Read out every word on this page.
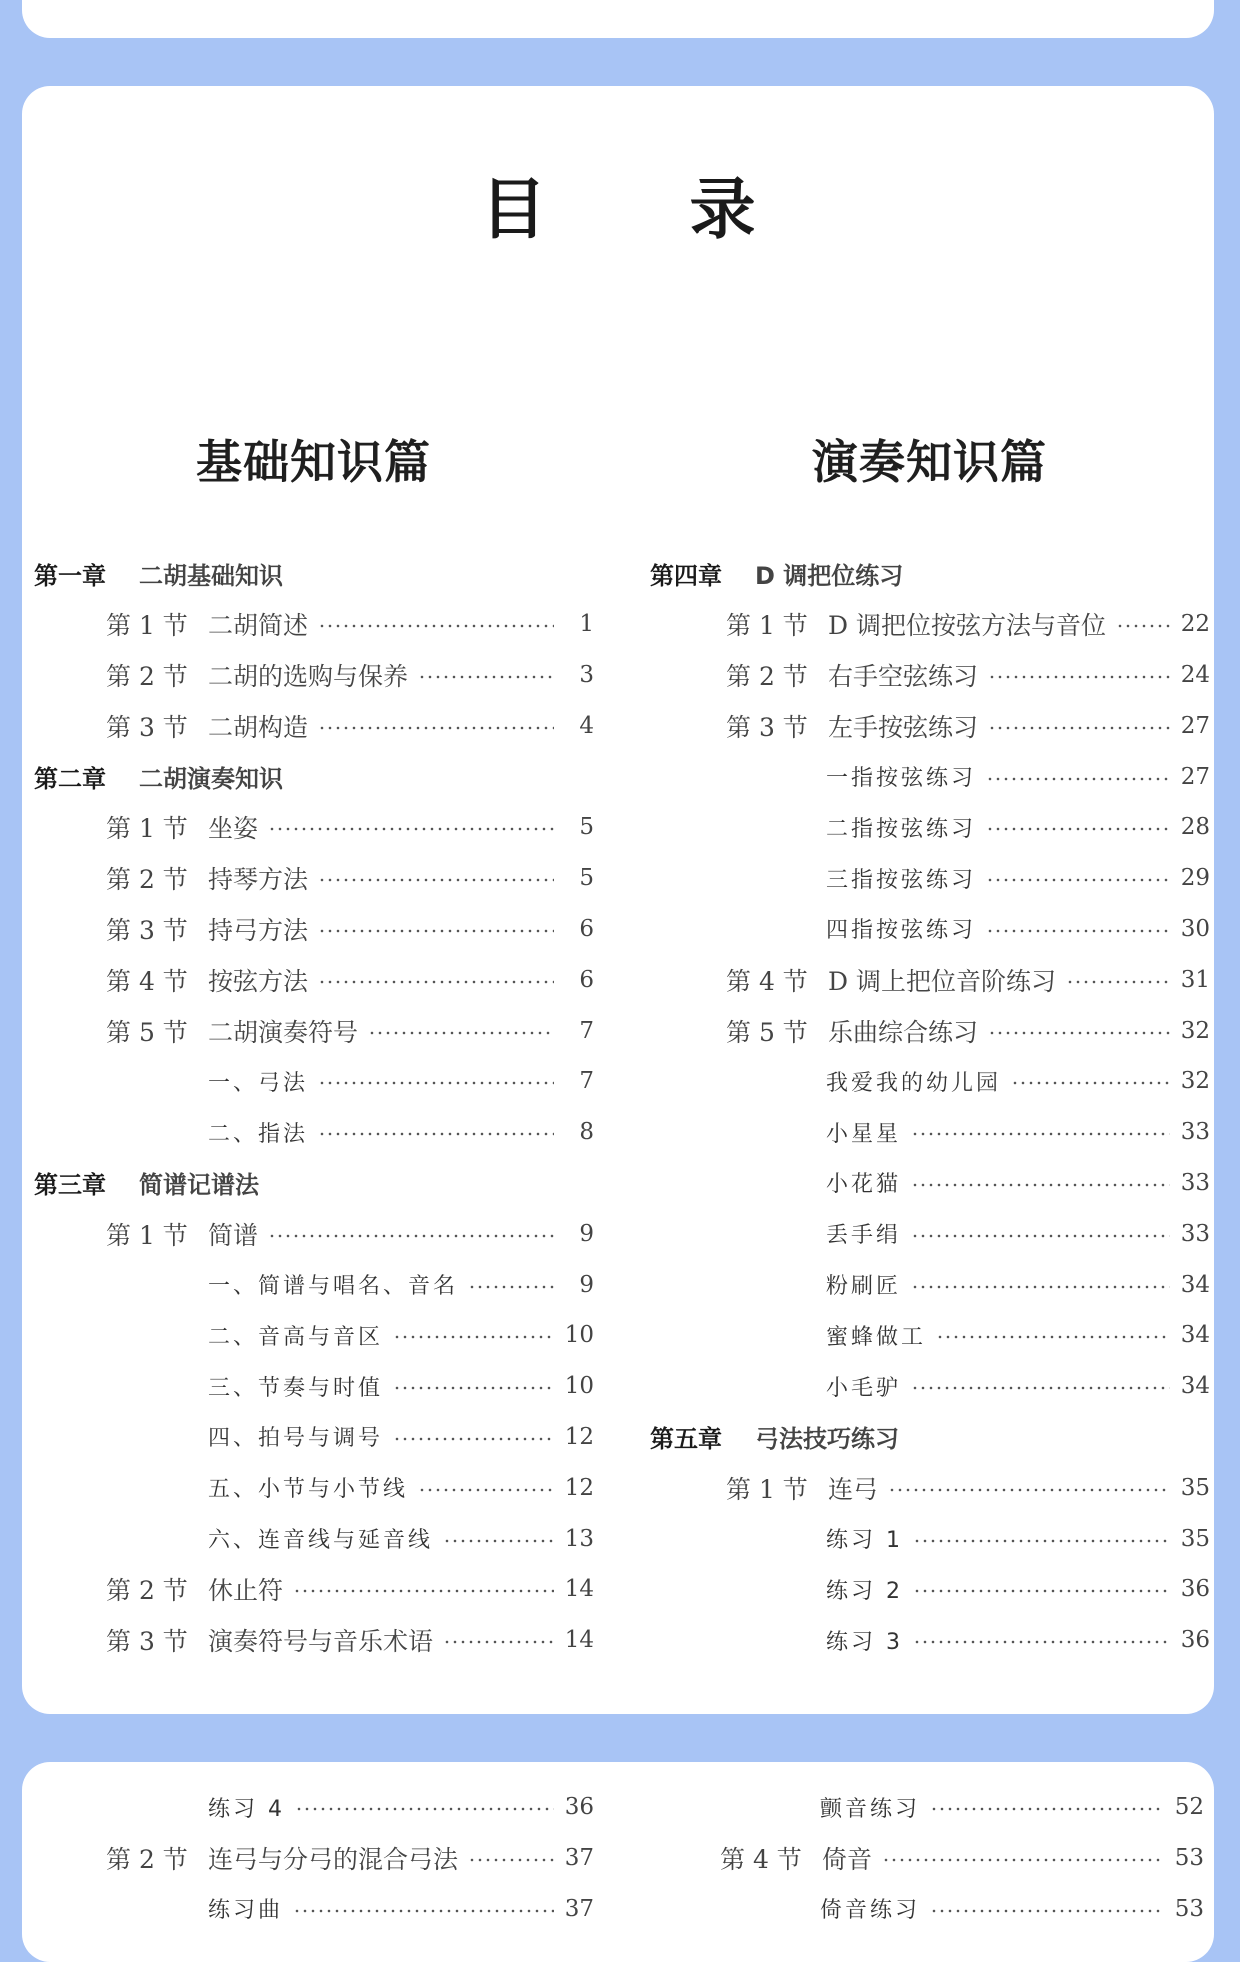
目 录
基础知识篇	演奏知识篇
第一章	二胡基础知识
第 1 节 二胡简述	1
第 2 节 二胡的选购与保养	3
第 3 节 二胡构造	4
第二章	二胡演奏知识
第 1 节 坐姿	5
第 2 节 持琴方法	5
第 3 节 持弓方法	6
第 4 节 按弦方法	6
第 5 节 二胡演奏符号	7
一、弓法	7
二、指法	8
第三章	简谱记谱法
第 1 节 简谱	9
一、简谱与唱名、音名	9
二、音高与音区	10
三、节奏与时值	10
四、拍号与调号	12
五、小节与小节线	12
六、连音线与延音线	13
第 2 节 休止符	14
第 3 节 演奏符号与音乐术语	14
第四章	D 调把位练习
第 1 节 D 调把位按弦方法与音位	22
第 2 节 右手空弦练习	24
第 3 节 左手按弦练习	27
一指按弦练习	27
二指按弦练习	28
三指按弦练习	29
四指按弦练习	30
第 4 节 D 调上把位音阶练习	31
第 5 节 乐曲综合练习	32
我爱我的幼儿园	32
小星星	33
小花猫	33
丢手绢	33
粉刷匠	34
蜜蜂做工	34
小毛驴	34
第五章	弓法技巧练习
第 1 节 连弓	35
练习 1	35
练习 2	36
练习 3	36
练习 4	36
第 2 节 连弓与分弓的混合弓法	37
练习曲	37
颤音练习	52
第 4 节 倚音	53
倚音练习	53
